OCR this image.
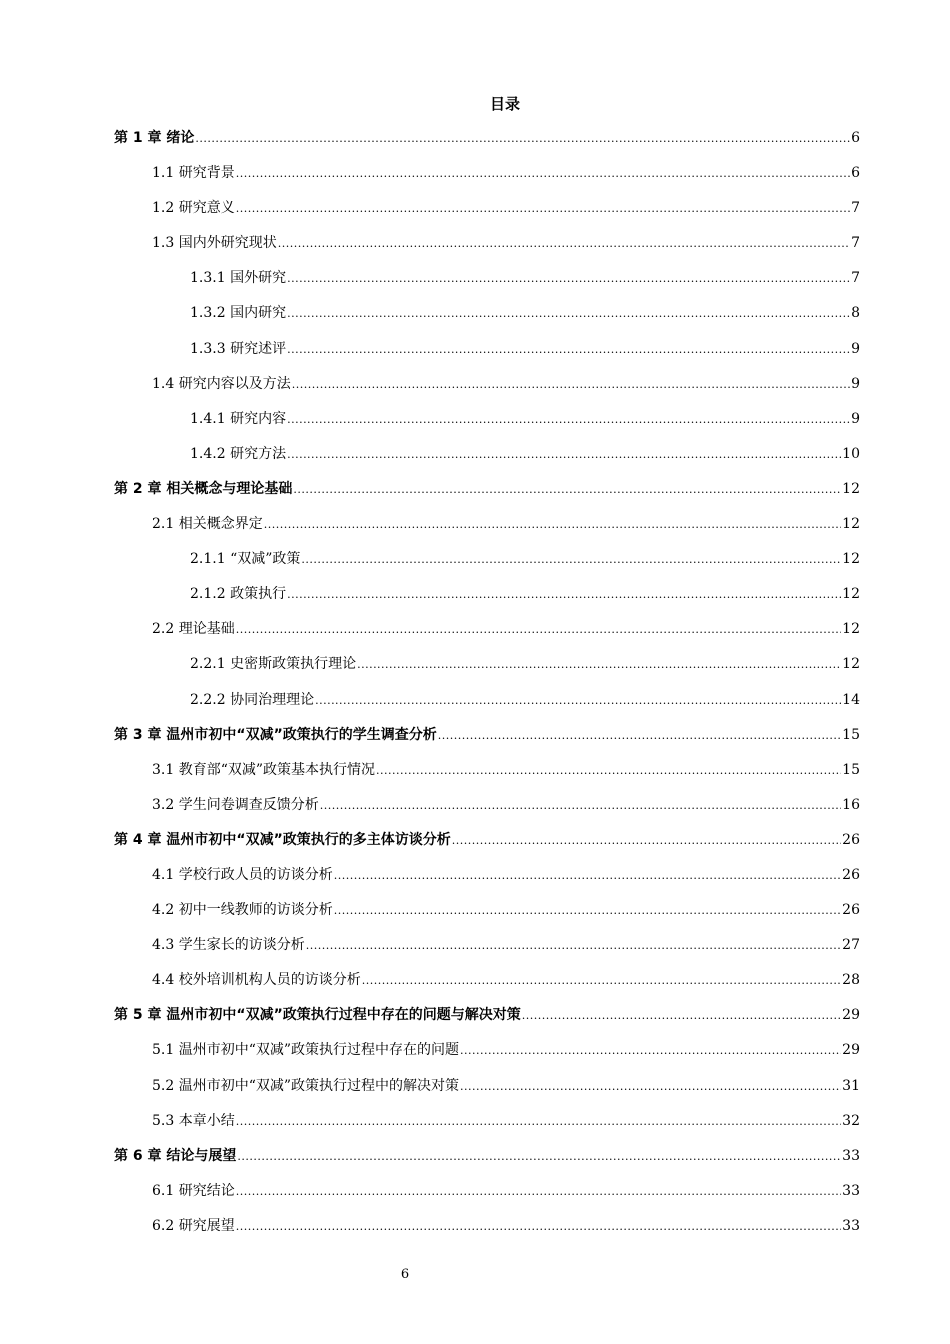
目录
第 1 章 绪论 .....	6
1.1 研究背景 .....	6
1.2 研究意义 .....	7
1.3 国内外研究现状 .....	7
1.3.1 国外研究 .....	7
1.3.2 国内研究 .....	8
1.3.3 研究述评 .....	9
1.4 研究内容以及方法 .....	9
1.4.1 研究内容 .....	9
1.4.2 研究方法 .....	10
第 2 章 相关概念与理论基础 .....	12
2.1 相关概念界定 .....	12
2.1.1 “双减”政策 .....	12
2.1.2 政策执行 .....	12
2.2 理论基础 .....	12
2.2.1 史密斯政策执行理论 .....	12
2.2.2 协同治理理论 .....	14
第 3 章 温州市初中“双减”政策执行的学生调查分析 .....	15
3.1 教育部“双减”政策基本执行情况 .....	15
3.2 学生问卷调查反馈分析 .....	16
第 4 章 温州市初中“双减”政策执行的多主体访谈分析 .....	26
4.1 学校行政人员的访谈分析 .....	26
4.2 初中一线教师的访谈分析 .....	26
4.3 学生家长的访谈分析 .....	27
4.4 校外培训机构人员的访谈分析 .....	28
第 5 章 温州市初中“双减”政策执行过程中存在的问题与解决对策 .....	29
5.1 温州市初中“双减”政策执行过程中存在的问题 .....	29
5.2 温州市初中“双减”政策执行过程中的解决对策 .....	31
5.3 本章小结 .....	32
第 6 章 结论与展望 .....	33
6.1 研究结论 .....	33
6.2 研究展望 .....	33
6
